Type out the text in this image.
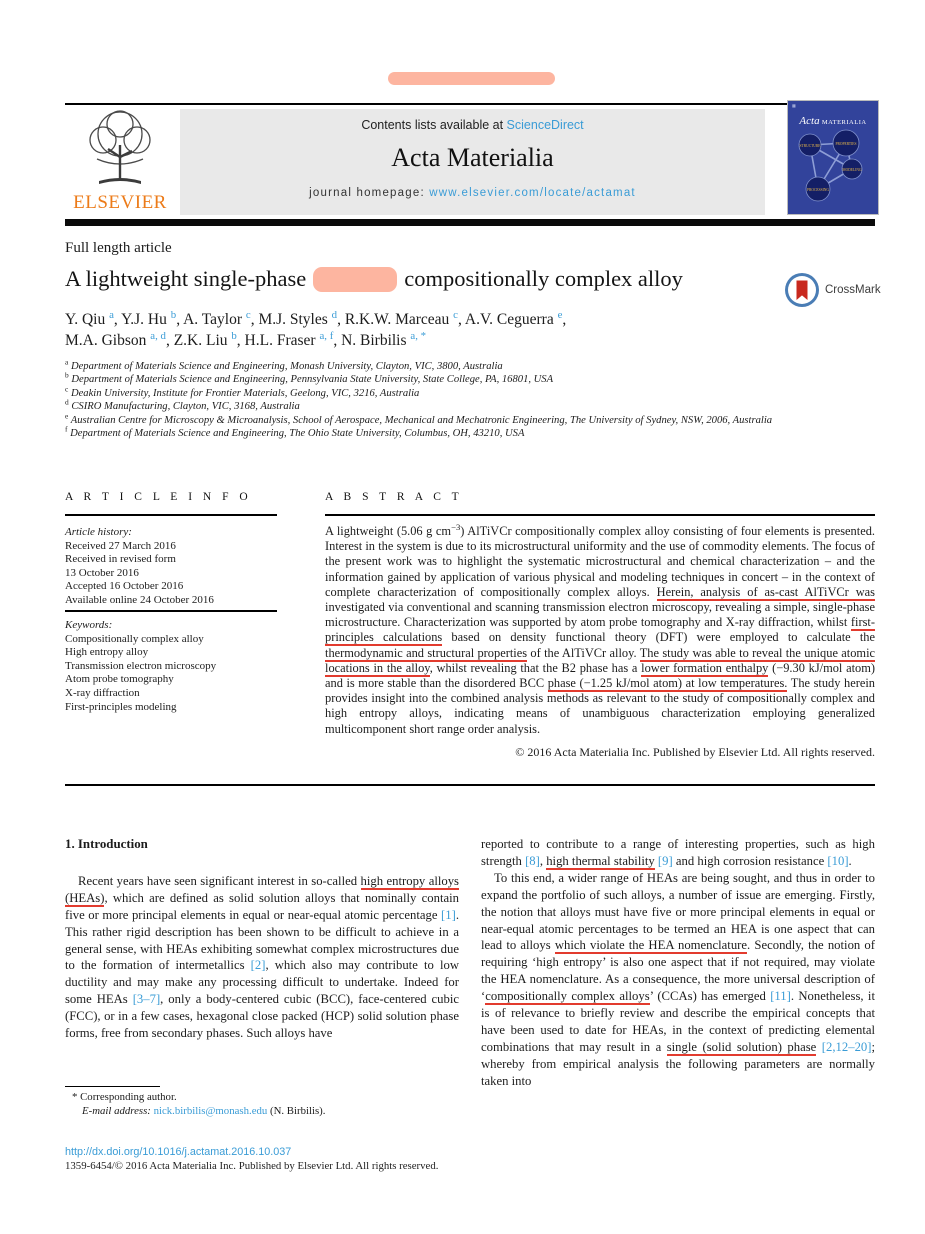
ELSEVIER
Contents lists available at ScienceDirect
Acta Materialia
journal homepage: www.elsevier.com/locate/actamat
▦
Acta MATERIALIA
STRUCTURE	PROPERTIES
MODELING
PROCESSING
Full length article
A lightweight single-phase	compositionally complex alloy	CrossMark
Y. Qiu $^a$, Y.J. Hu $^b$, A. Taylor $^c$, M.J. Styles $^d$, R.K.W. Marceau $^c$, A.V. Ceguerra $^e$,
M.A. Gibson $^{a, d}$, Z.K. Liu $^b$, H.L. Fraser $^{a, f}$, N. Birbilis $^{a, *}$
$^a$ Department of Materials Science and Engineering, Monash University, Clayton, VIC, 3800, Australia
$^b$ Department of Materials Science and Engineering, Pennsylvania State University, State College, PA, 16801, USA
$^c$ Deakin University, Institute for Frontier Materials, Geelong, VIC, 3216, Australia
$^d$ CSIRO Manufacturing, Clayton, VIC, 3168, Australia
$^e$ Australian Centre for Microscopy & Microanalysis, School of Aerospace, Mechanical and Mechatronic Engineering, The University of Sydney, NSW, 2006, Australia
$^f$ Department of Materials Science and Engineering, The Ohio State University, Columbus, OH, 43210, USA
A R T I C L E I N F O	A B S T R A C T
Article history:
Received 27 March 2016
Received in revised form
13 October 2016
Accepted 16 October 2016
Available online 24 October 2016
Keywords:
Compositionally complex alloy
High entropy alloy
Transmission electron microscopy
Atom probe tomography
X-ray diffraction
First-principles modeling
A lightweight (5.06 g $cm^{-3}$) AlTiVCr compositionally complex alloy consisting of four elements is presented. Interest in the system is due to its microstructural uniformity and the use of commodity elements. The focus of the present work was to highlight the systematic microstructural and chemical characterization – and the information gained by application of various physical and modeling techniques in concert – in the context of complete characterization of compositionally complex alloys. Herein, analysis of as-cast AlTiVCr was investigated via conventional and scanning transmission electron microscopy, revealing a simple, single-phase microstructure. Characterization was supported by atom probe tomography and X-ray diffraction, whilst first-principles calculations based on density functional theory (DFT) were employed to calculate the thermodynamic and structural properties of the AlTiVCr alloy. The study was able to reveal the unique atomic locations in the alloy, whilst revealing that the B2 phase has a lower formation enthalpy (−9.30 kJ/mol atom) and is more stable than the disordered BCC phase (−1.25 kJ/mol atom) at low temperatures. The study herein provides insight into the combined analysis methods as relevant to the study of compositionally complex and high entropy alloys, indicating means of unambiguous characterization employing generalized multicomponent short range order analysis.
© 2016 Acta Materialia Inc. Published by Elsevier Ltd. All rights reserved.
1. Introduction
Recent years have seen significant interest in so-called high entropy alloys (HEAs), which are defined as solid solution alloys that nominally contain five or more principal elements in equal or near-equal atomic percentage [1]. This rather rigid description has been shown to be difficult to achieve in a general sense, with HEAs exhibiting somewhat complex microstructures due to the formation of intermetallics [2], which also may contribute to low ductility and may make any processing difficult to undertake. Indeed for some HEAs [3–7], only a body-centered cubic (BCC), face-centered cubic (FCC), or in a few cases, hexagonal close packed (HCP) solid solution phase forms, free from secondary phases. Such alloys have
reported to contribute to a range of interesting properties, such as high strength [8], high thermal stability [9] and high corrosion resistance [10].
To this end, a wider range of HEAs are being sought, and thus in order to expand the portfolio of such alloys, a number of issue are emerging. Firstly, the notion that alloys must have five or more principal elements in equal or near-equal atomic percentages to be termed an HEA is one aspect that can lead to alloys which violate the HEA nomenclature. Secondly, the notion of requiring ‘high entropy’ is also one aspect that if not required, may violate the HEA nomenclature. As a consequence, the more universal description of ‘compositionally complex alloys’ (CCAs) has emerged [11]. Nonetheless, it is of relevance to briefly review and describe the empirical concepts that have been used to date for HEAs, in the context of predicting elemental combinations that may result in a single (solid solution) phase [2,12–20]; whereby from empirical analysis the following parameters are normally taken into
* Corresponding author.
E-mail address: nick.birbilis@monash.edu (N. Birbilis).
http://dx.doi.org/10.1016/j.actamat.2016.10.037
1359-6454/© 2016 Acta Materialia Inc. Published by Elsevier Ltd. All rights reserved.
